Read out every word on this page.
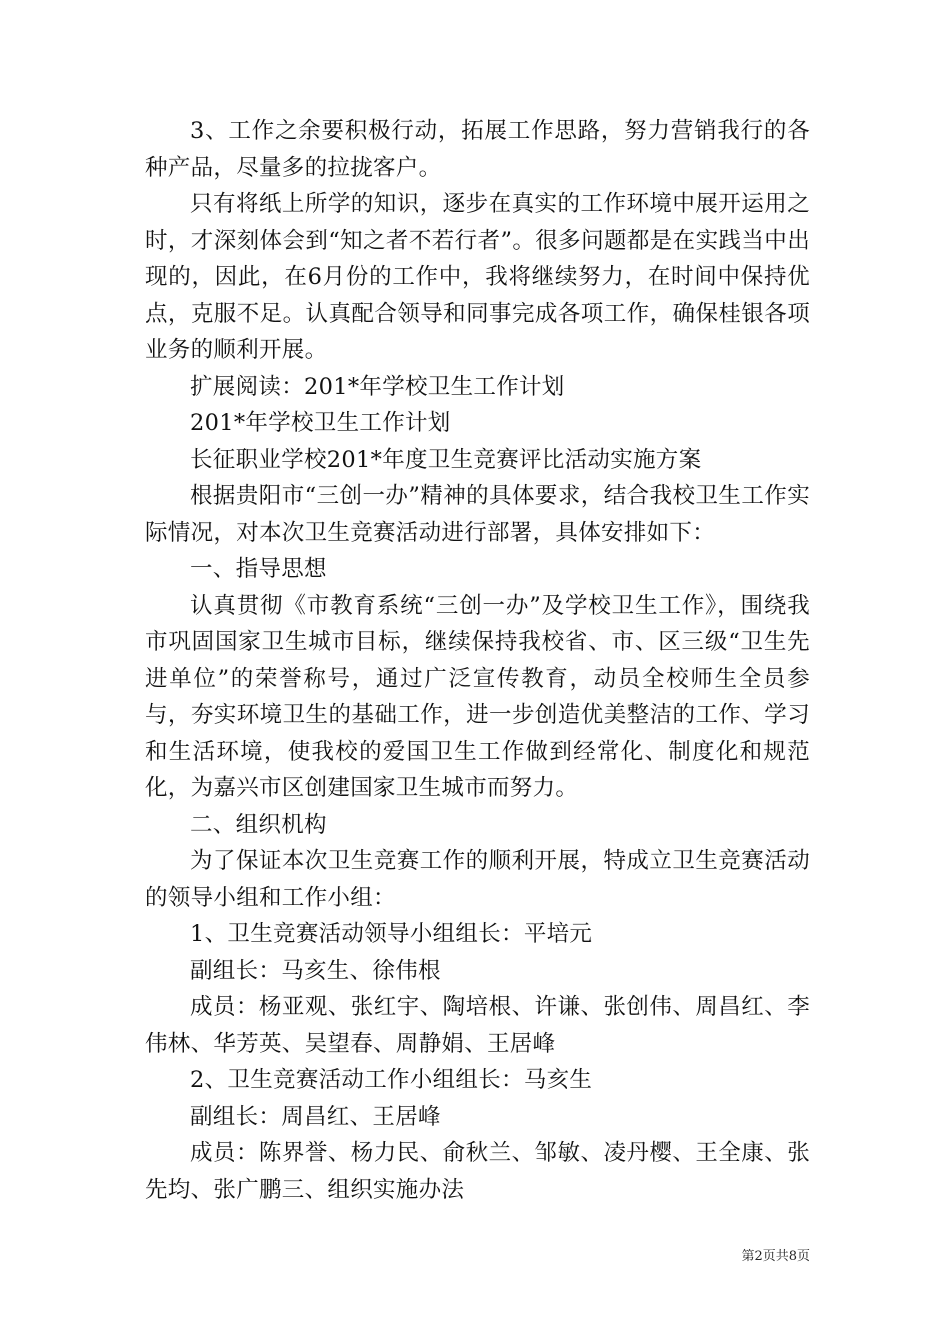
3、工作之余要积极行动，拓展工作思路，努力营销我行的各种产品，尽量多的拉拢客户。

只有将纸上所学的知识，逐步在真实的工作环境中展开运用之时，才深刻体会到“知之者不若行者”。很多问题都是在实践当中出现的，因此，在6月份的工作中，我将继续努力，在时间中保持优点，克服不足。认真配合领导和同事完成各项工作，确保桂银各项业务的顺利开展。

扩展阅读：201*年学校卫生工作计划

201*年学校卫生工作计划

长征职业学校201*年度卫生竞赛评比活动实施方案

根据贵阳市“三创一办”精神的具体要求，结合我校卫生工作实际情况，对本次卫生竞赛活动进行部署，具体安排如下：

一、指导思想

认真贯彻《市教育系统“三创一办”及学校卫生工作》，围绕我市巩固国家卫生城市目标，继续保持我校省、市、区三级“卫生先进单位”的荣誉称号，通过广泛宣传教育，动员全校师生全员参与，夯实环境卫生的基础工作，进一步创造优美整洁的工作、学习和生活环境，使我校的爱国卫生工作做到经常化、制度化和规范化，为嘉兴市区创建国家卫生城市而努力。

二、组织机构

为了保证本次卫生竞赛工作的顺利开展，特成立卫生竞赛活动的领导小组和工作小组：

1、卫生竞赛活动领导小组组长：平培元

副组长：马亥生、徐伟根

成员：杨亚观、张红宇、陶培根、许谦、张创伟、周昌红、李伟林、华芳英、吴望春、周静娟、王居峰

2、卫生竞赛活动工作小组组长：马亥生

副组长：周昌红、王居峰

成员：陈界誉、杨力民、俞秋兰、邹敏、凌丹樱、王全康、张先均、张广鹏三、组织实施办法

第2页共8页
